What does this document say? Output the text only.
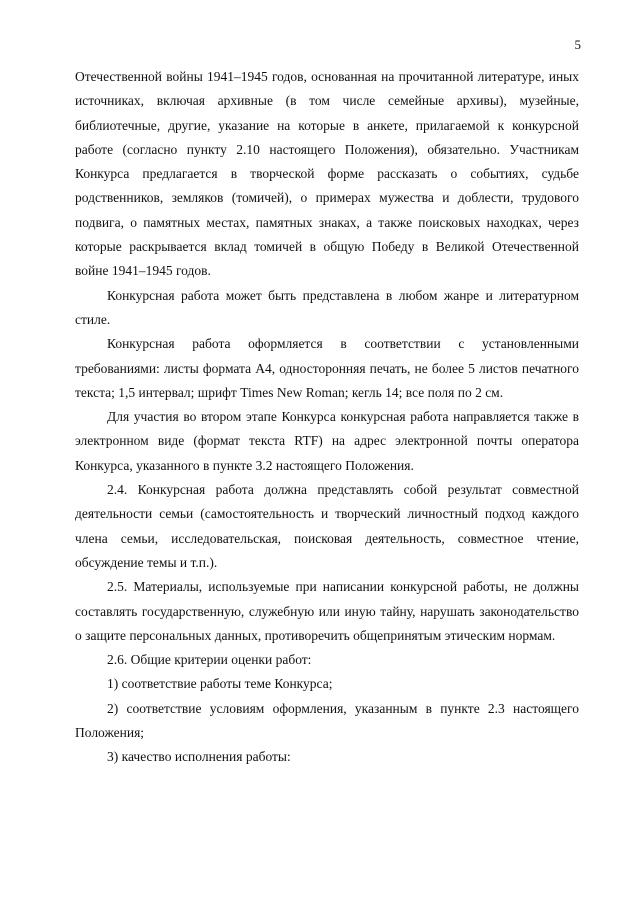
5

Отечественной войны 1941–1945 годов, основанная на прочитанной литературе, иных источниках, включая архивные (в том числе семейные архивы), музейные, библиотечные, другие, указание на которые в анкете, прилагаемой к конкурсной работе (согласно пункту 2.10 настоящего Положения), обязательно. Участникам Конкурса предлагается в творческой форме рассказать о событиях, судьбе родственников, земляков (томичей), о примерах мужества и доблести, трудового подвига, о памятных местах, памятных знаках, а также поисковых находках, через которые раскрывается вклад томичей в общую Победу в Великой Отечественной войне 1941–1945 годов.

Конкурсная работа может быть представлена в любом жанре и литературном стиле.

Конкурсная работа оформляется в соответствии с установленными требованиями: листы формата А4, односторонняя печать, не более 5 листов печатного текста; 1,5 интервал; шрифт Times New Roman; кегль 14; все поля по 2 см.

Для участия во втором этапе Конкурса конкурсная работа направляется также в электронном виде (формат текста RTF) на адрес электронной почты оператора Конкурса, указанного в пункте 3.2 настоящего Положения.

2.4. Конкурсная работа должна представлять собой результат совместной деятельности семьи (самостоятельность и творческий личностный подход каждого члена семьи, исследовательская, поисковая деятельность, совместное чтение, обсуждение темы и т.п.).

2.5. Материалы, используемые при написании конкурсной работы, не должны составлять государственную, служебную или иную тайну, нарушать законодательство о защите персональных данных, противоречить общепринятым этическим нормам.

2.6. Общие критерии оценки работ:

1) соответствие работы теме Конкурса;

2) соответствие условиям оформления, указанным в пункте 2.3 настоящего Положения;

3) качество исполнения работы:
